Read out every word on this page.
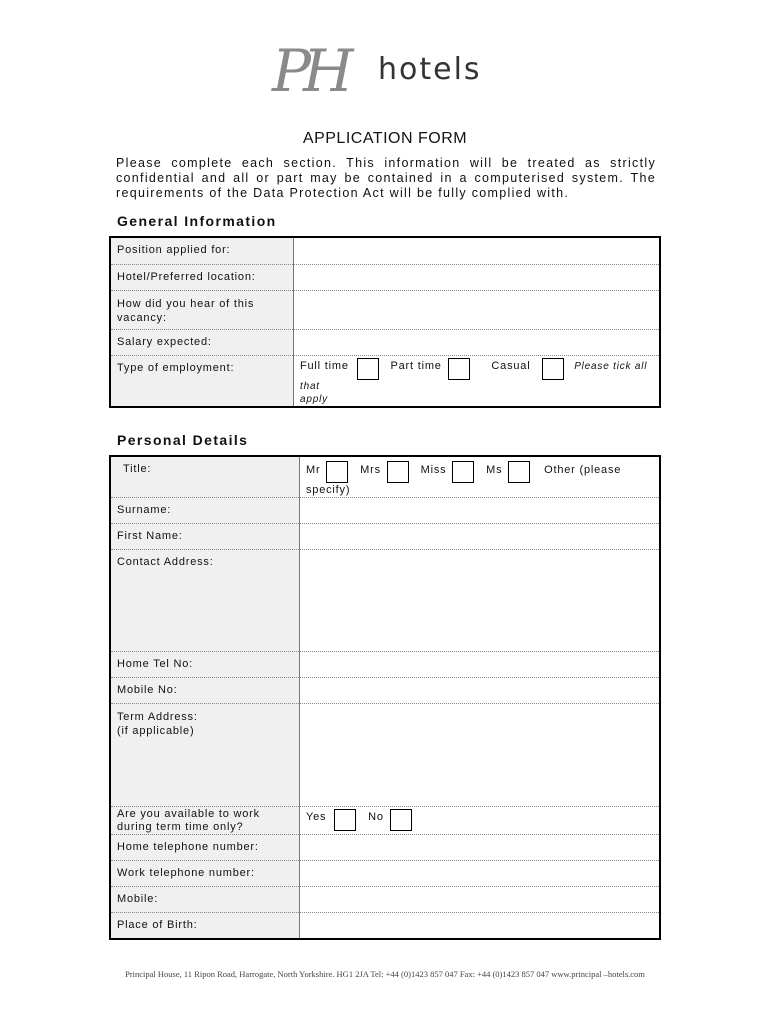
PH	hotels
APPLICATION FORM
Please complete each section. This information will be treated as strictly confidential and all or part may be contained in a computerised system. The requirements of the Data Protection Act will be fully complied with.
General Information
Position applied for:	
Hotel/Preferred location:	
How did you hear of this vacancy:	
Salary expected:	
Type of employment:	Full time Part time Casual Please tick all that
apply
Personal Details
Title:	Mr Mrs Miss Ms Other (please
specify)
Surname:	
First Name:	
Contact Address:	
Home Tel No:	
Mobile No:	
Term Address:
(if applicable)	
Are you available to work during term time only?	Yes No
Home telephone number:	
Work telephone number:	
Mobile:	
Place of Birth:	
Principal House, 11 Ripon Road, Harrogate, North Yorkshire. HG1 2JA Tel: +44 (0)1423 857 047 Fax: +44 (0)1423 857 047 www.principal –hotels.com
